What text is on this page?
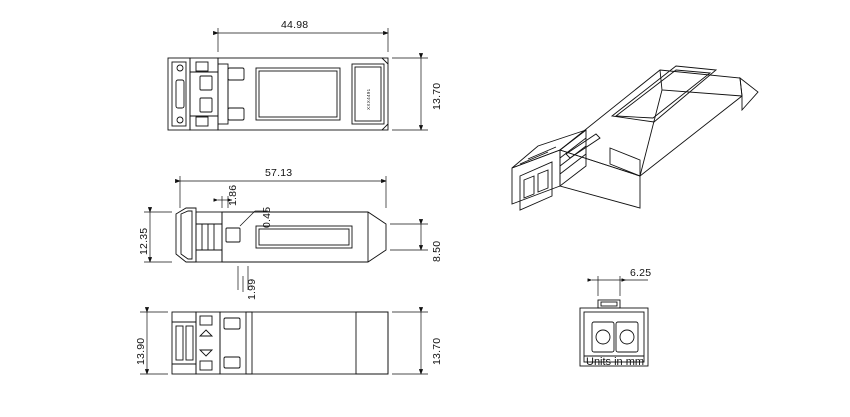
44.98
13.70
57.13
1.86
0.45
12.35	8.50
1.99
13.90	13.70
6.25
XXX4491
Units in mm
